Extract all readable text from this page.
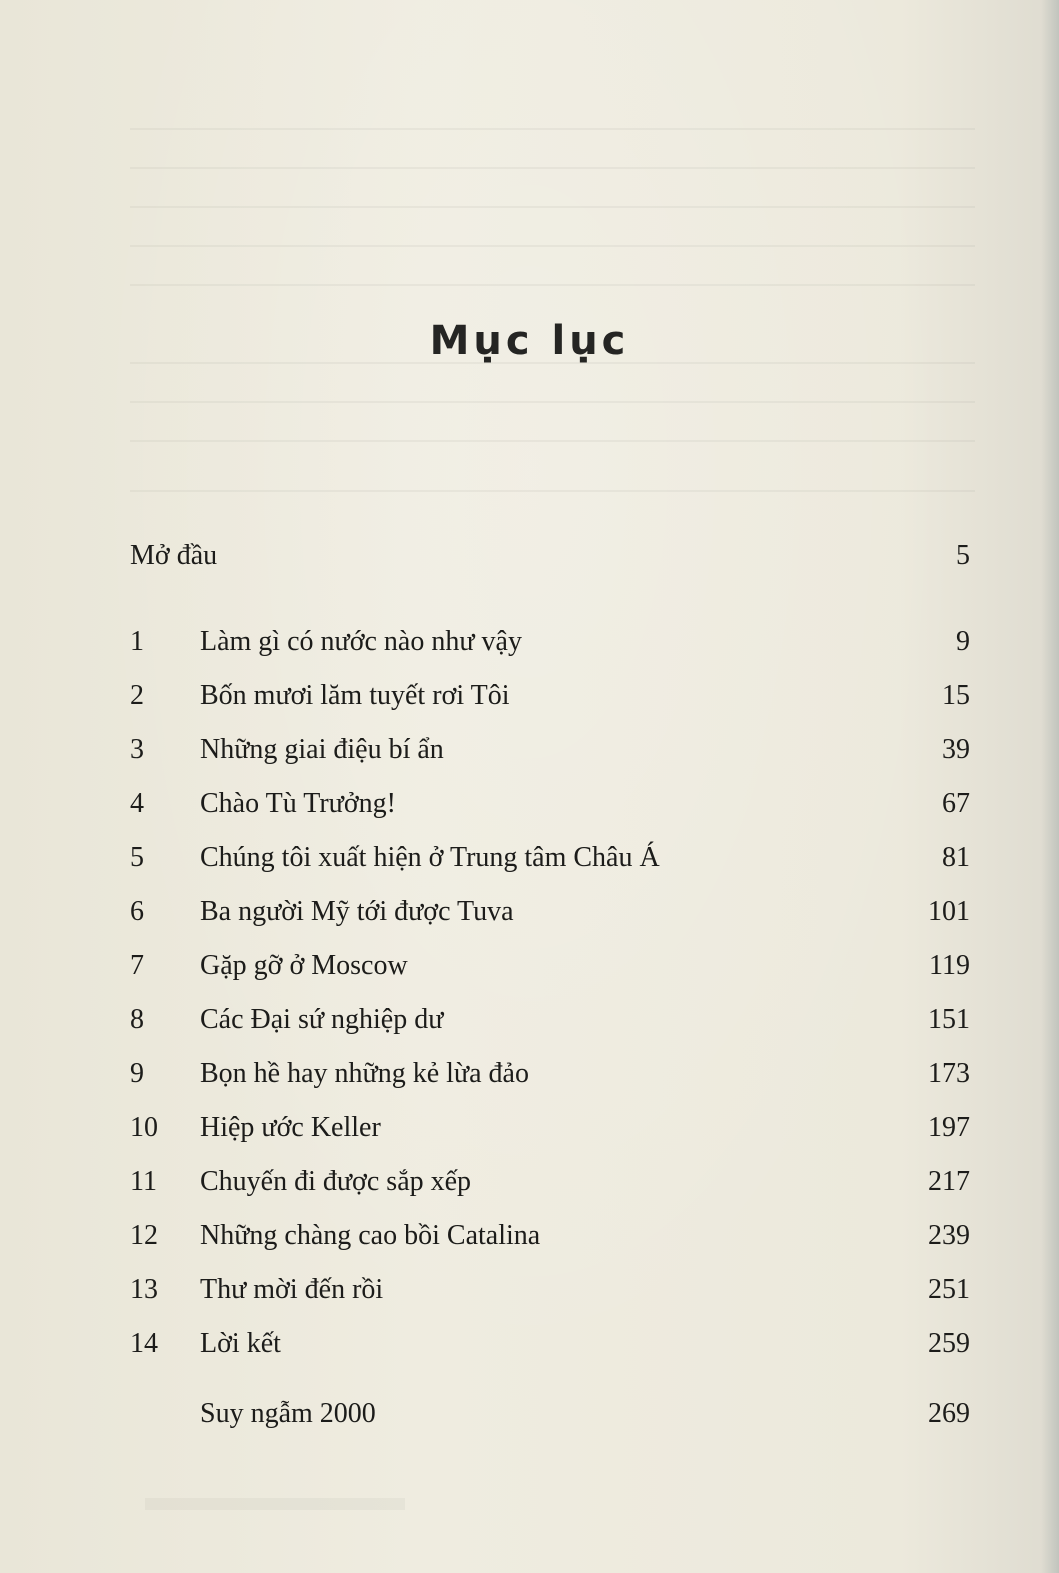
Mục lục
Mở đầu	5
1 Làm gì có nước nào như vậy	9
2 Bốn mươi lăm tuyết rơi Tôi	15
3 Những giai điệu bí ẩn	39
4 Chào Tù Trưởng!	67
5 Chúng tôi xuất hiện ở Trung tâm Châu Á	81
6 Ba người Mỹ tới được Tuva	101
7 Gặp gỡ ở Moscow	119
8 Các Đại sứ nghiệp dư	151
9 Bọn hề hay những kẻ lừa đảo	173
10 Hiệp ước Keller	197
11 Chuyến đi được sắp xếp	217
12 Những chàng cao bồi Catalina	239
13 Thư mời đến rồi	251
14 Lời kết	259
Suy ngẫm 2000	269
